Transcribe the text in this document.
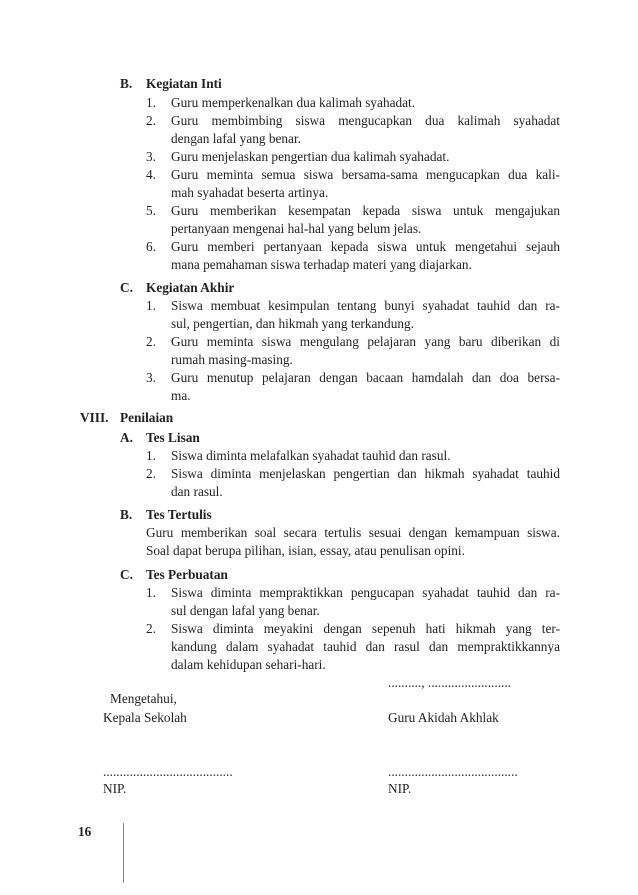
B. Kegiatan Inti
1. Guru memperkenalkan dua kalimah syahadat.
2. Guru membimbing siswa mengucapkan dua kalimah syahadat
dengan lafal yang benar.
3. Guru menjelaskan pengertian dua kalimah syahadat.
4. Guru meminta semua siswa bersama-sama mengucapkan dua kali-
mah syahadat beserta artinya.
5. Guru memberikan kesempatan kepada siswa untuk mengajukan
pertanyaan mengenai hal-hal yang belum jelas.
6. Guru memberi pertanyaan kepada siswa untuk mengetahui sejauh
mana pemahaman siswa terhadap materi yang diajarkan.
C. Kegiatan Akhir
1. Siswa membuat kesimpulan tentang bunyi syahadat tauhid dan ra-
sul, pengertian, dan hikmah yang terkandung.
2. Guru meminta siswa mengulang pelajaran yang baru diberikan di
rumah masing-masing.
3. Guru menutup pelajaran dengan bacaan hamdalah dan doa bersa-
ma.
VIII. Penilaian
A. Tes Lisan
1. Siswa diminta melafalkan syahadat tauhid dan rasul.
2. Siswa diminta menjelaskan pengertian dan hikmah syahadat tauhid
dan rasul.
B. Tes Tertulis
Guru memberikan soal secara tertulis sesuai dengan kemampuan siswa.
Soal dapat berupa pilihan, isian, essay, atau penulisan opini.
C. Tes Perbuatan
1. Siswa diminta mempraktikkan pengucapan syahadat tauhid dan ra-
sul dengan lafal yang benar.
2. Siswa diminta meyakini dengan sepenuh hati hikmah yang ter-
kandung dalam syahadat tauhid dan rasul dan mempraktikkannya
dalam kehidupan sehari-hari.
.........., .........................
Mengetahui,
Kepala Sekolah	Guru Akidah Akhlak
.......................................	.......................................
NIP.	NIP.
16
